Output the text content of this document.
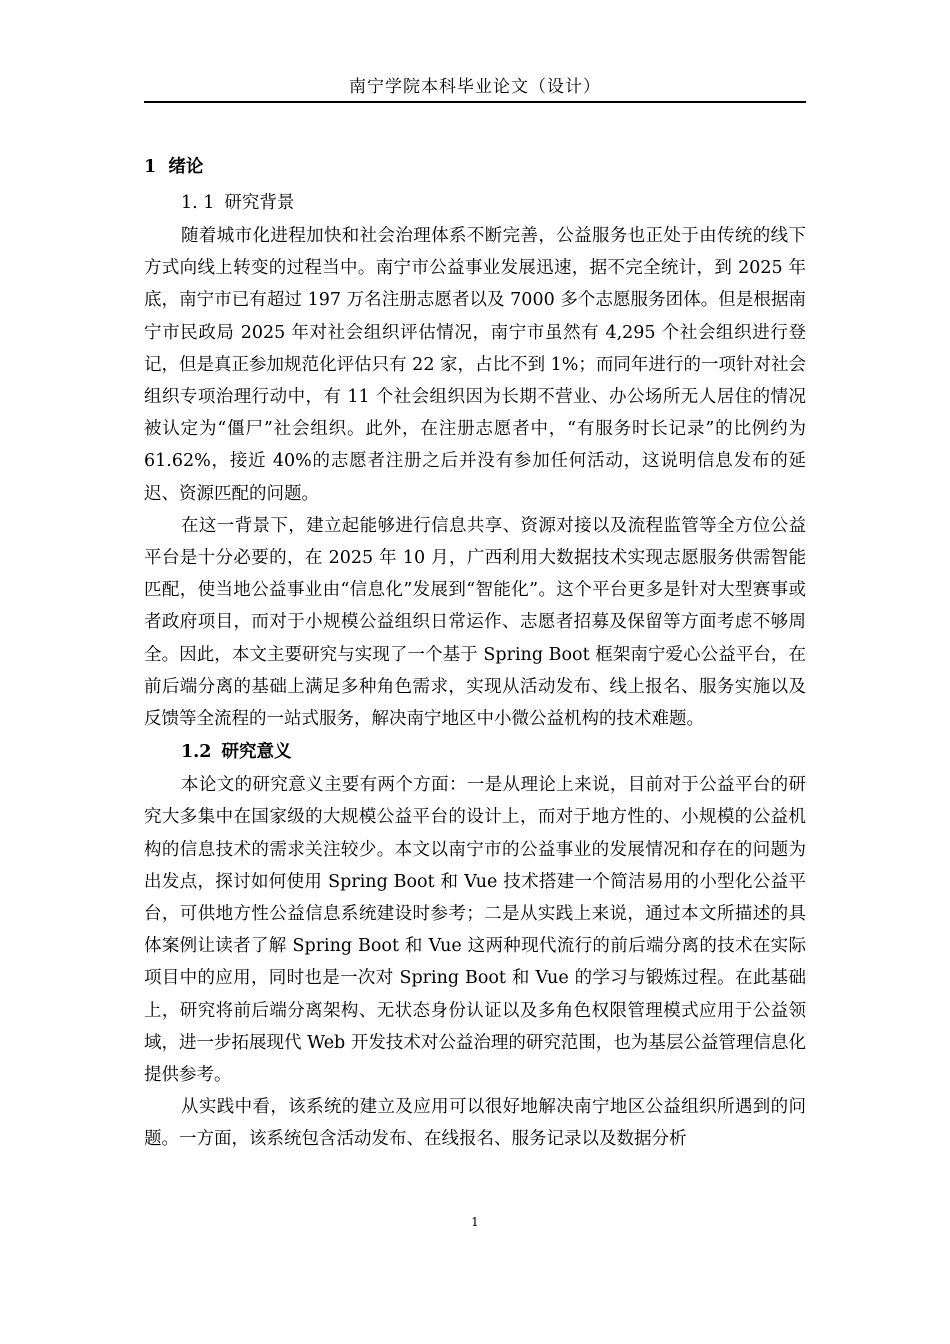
南宁学院本科毕业论文（设计）
1 绪论
1. 1 研究背景

随着城市化进程加快和社会治理体系不断完善，公益服务也正处于由传统的线下方式向线上转变的过程当中。南宁市公益事业发展迅速，据不完全统计，到 2025 年底，南宁市已有超过 197 万名注册志愿者以及 7000 多个志愿服务团体。但是根据南宁市民政局 2025 年对社会组织评估情况，南宁市虽然有 4,295 个社会组织进行登记，但是真正参加规范化评估只有 22 家，占比不到 1%；而同年进行的一项针对社会组织专项治理行动中，有 11 个社会组织因为长期不营业、办公场所无人居住的情况被认定为“僵尸”社会组织。此外，在注册志愿者中，“有服务时长记录”的比例约为 61.62%，接近 40%的志愿者注册之后并没有参加任何活动，这说明信息发布的延迟、资源匹配的问题。

在这一背景下，建立起能够进行信息共享、资源对接以及流程监管等全方位公益平台是十分必要的，在 2025 年 10 月，广西利用大数据技术实现志愿服务供需智能匹配，使当地公益事业由“信息化”发展到“智能化”。这个平台更多是针对大型赛事或者政府项目，而对于小规模公益组织日常运作、志愿者招募及保留等方面考虑不够周全。因此，本文主要研究与实现了一个基于 Spring Boot 框架南宁爱心公益平台，在前后端分离的基础上满足多种角色需求，实现从活动发布、线上报名、服务实施以及反馈等全流程的一站式服务，解决南宁地区中小微公益机构的技术难题。

1.2 研究意义

本论文的研究意义主要有两个方面：一是从理论上来说，目前对于公益平台的研究大多集中在国家级的大规模公益平台的设计上，而对于地方性的、小规模的公益机构的信息技术的需求关注较少。本文以南宁市的公益事业的发展情况和存在的问题为出发点，探讨如何使用 Spring Boot 和 Vue 技术搭建一个简洁易用的小型化公益平台，可供地方性公益信息系统建设时参考；二是从实践上来说，通过本文所描述的具体案例让读者了解 Spring Boot 和 Vue 这两种现代流行的前后端分离的技术在实际项目中的应用，同时也是一次对 Spring Boot 和 Vue 的学习与锻炼过程。在此基础上，研究将前后端分离架构、无状态身份认证以及多角色权限管理模式应用于公益领域，进一步拓展现代 Web 开发技术对公益治理的研究范围，也为基层公益管理信息化提供参考。

从实践中看，该系统的建立及应用可以很好地解决南宁地区公益组织所遇到的问题。一方面，该系统包含活动发布、在线报名、服务记录以及数据分析

1
